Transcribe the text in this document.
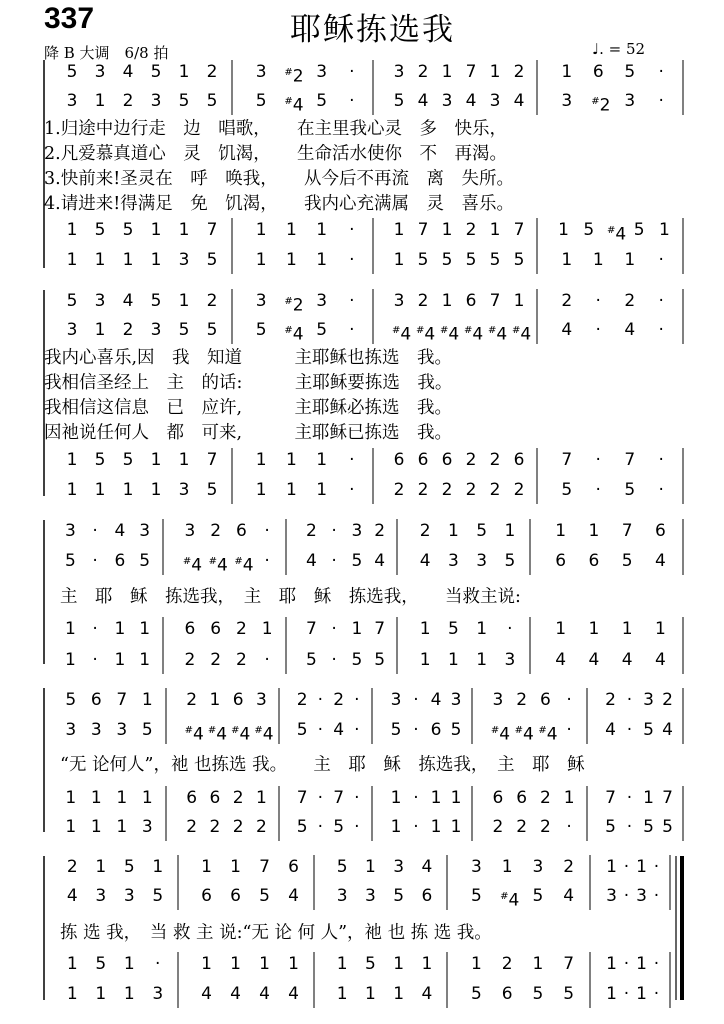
337	耶稣拣选我
降 B 大调　6/8 拍	♩. = 52
5 3 4 5 1 2 3 #2 3 · 3 2 1 7 1 2 1 6 5 ·
3 1 2 3 5 5 5 #4 5 · 5 4 3 4 3 4 3 #2 3 ·
1 5 5 1 1 7 1 1 1 · 1 7 1 2 1 7 1 5 #4 5 1
1 1 1 1 3 5 1 1 1 · 1 5 5 5 5 5 1 1 1 ·
1.归途中边行走　边　唱歌，　　在主里我心灵　多　快乐，
2.凡爱慕真道心　灵　饥渴，　　生命活水使你　不　再渴。
3.快前来!圣灵在　呼　唤我，　　从今后不再流　离　失所。
4.请进来!得满足　免　饥渴，　　我内心充满属　灵　喜乐。
5 3 4 5 1 2 3 #2 3 · 3 2 1 6 7 1 2 · 2 ·
3 1 2 3 5 5 5 #4 5 ·	#4 #4 #4 #4 #4 #4 4 · 4 ·
1 5 5 1 1 7 1 1 1 · 6 6 6 2 2 6 7 · 7 ·
1 1 1 1 3 5 1 1 1 · 2 2 2 2 2 2 5 · 5 ·
我内心喜乐,因　我　知道　　　主耶稣也拣选　我。
我相信圣经上　主　的话:　　　主耶稣要拣选　我。
我相信这信息　已　应许,　　　主耶稣必拣选　我。
因祂说任何人　都　可来,　　　主耶稣已拣选　我。
3 · 4 3 3 2 6 · 2 · 3 2 2 1 5 1 1 1 7 6
5 · 6 5	#4 #4 #4 · 4 · 5 4 4 3 3 5 6 6 5 4
1 · 1 1 6 6 2 1 7 · 1 7 1 5 1 ·	1 1 1 1
1 · 1 1 2 2 2 · 5 · 5 5 1 1 1 3 4 4 4 4
主　耶　稣　拣选我，　主　耶　稣　拣选我，　　当救主说:
5 6 7 1 2 1 6 3 2 · 2 · 3 · 4 3 3 2 6 · 2 · 3 2
3 3 3 5	#4 #4 #4 #4 5 · 4 · 5 · 6 5	#4 #4 #4 · 4 · 5 4
1 1 1 1 6 6 2 1 7 · 7 · 1 · 1 1 6 6 2 1 7 · 1 7
1 1 1 3 2 2 2 2 5 · 5 · 1 · 1 1 2 2 2 · 5 · 5 5
“无 论何人”，祂 也拣选 我。　　主　耶　稣　拣选我，　主　耶　稣
2 1 5 1 1 1 7 6 5 1 3 4 3 1 3 2 1 · 1 ·
4 3 3 5 6 6 5 4 3 3 5 6 5 #4 5 4 3 · 3 ·
1 5 1 · 1 1 1 1 1 5 1 1 1 2 1 7 1 · 1 ·
1 1 1 3 4 4 4 4 1 1 1 4 5 6 5 5 1 · 1 ·
拣 选 我，　当 救 主 说:“无 论 何 人”，祂 也 拣 选 我。
